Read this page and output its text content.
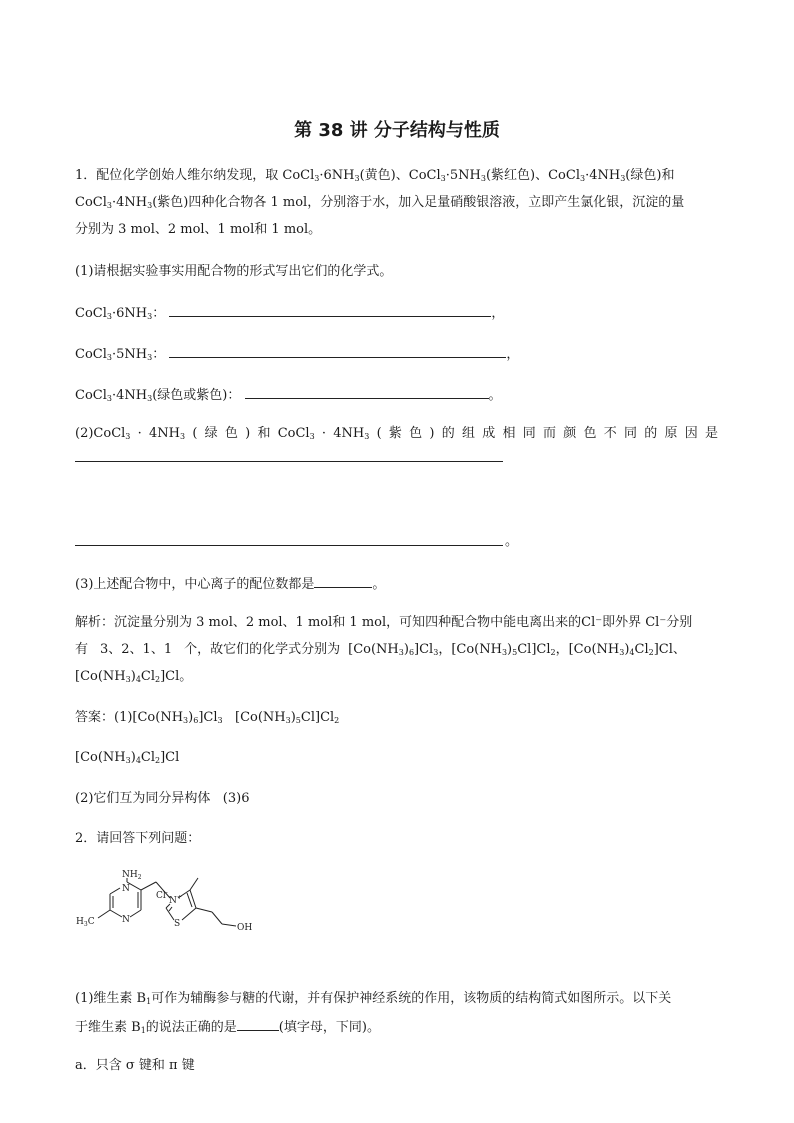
第 38 讲 分子结构与性质
1．配位化学创始人维尔纳发现，取 $CoCl_3\cdot 6NH_3$(黄色)、$CoCl_3\cdot 5NH_3$(紫红色)、$CoCl_3\cdot 4NH_3$(绿色)和
$CoCl_3\cdot 4NH_3$(紫色)四种化合物各 1 mol，分别溶于水，加入足量硝酸银溶液，立即产生氯化银，沉淀的量
分别为 3 mol、2 mol、1 mol和 1 mol。
(1)请根据实验事实用配合物的形式写出它们的化学式。
$CoCl_3\cdot 6NH_3$：	，
$CoCl_3\cdot 5NH_3$：	，
$CoCl_3\cdot 4NH_3$(绿色或紫色)：	。
(2)CoCl$_3$ · $4NH_3$ ( 绿 色 ) 和 CoCl$_3$ · $4NH_3$ ( 紫 色 ) 的 组 成 相 同 而 颜 色 不 同 的 原 因 是
。
(3)上述配合物中，中心离子的配位数都是	。
解析：沉淀量分别为 3 mol、2 mol、1 mol和 1 mol，可知四种配合物中能电离出来的Cl⁻即外界 Cl⁻分别
有 3、2、1、1 个，故它们的化学式分别为 $[Co(NH_3)_6]Cl_3$，$[Co(NH_3)_5Cl]Cl_2$，$[Co(NH_3)_4Cl_2]Cl$、
$[Co(NH_3)_4Cl_2]Cl$。
答案：$(1)[Co(NH_3)_6]Cl_3$   $[Co(NH_3)_5Cl]Cl_2$
$[Co(NH_3)_4Cl_2]Cl$
(2)它们互为同分异构体   (3)6
2．请回答下列问题：
$NH_2$
Cl-
N+
N
N
$H_3C$	S	OH
(1)维生素 $B_1$可作为辅酶参与糖的代谢，并有保护神经系统的作用，该物质的结构简式如图所示。以下关
于维生素 $B_1$的说法正确的是	(填字母，下同)。
a．只含 σ 键和 π 键
